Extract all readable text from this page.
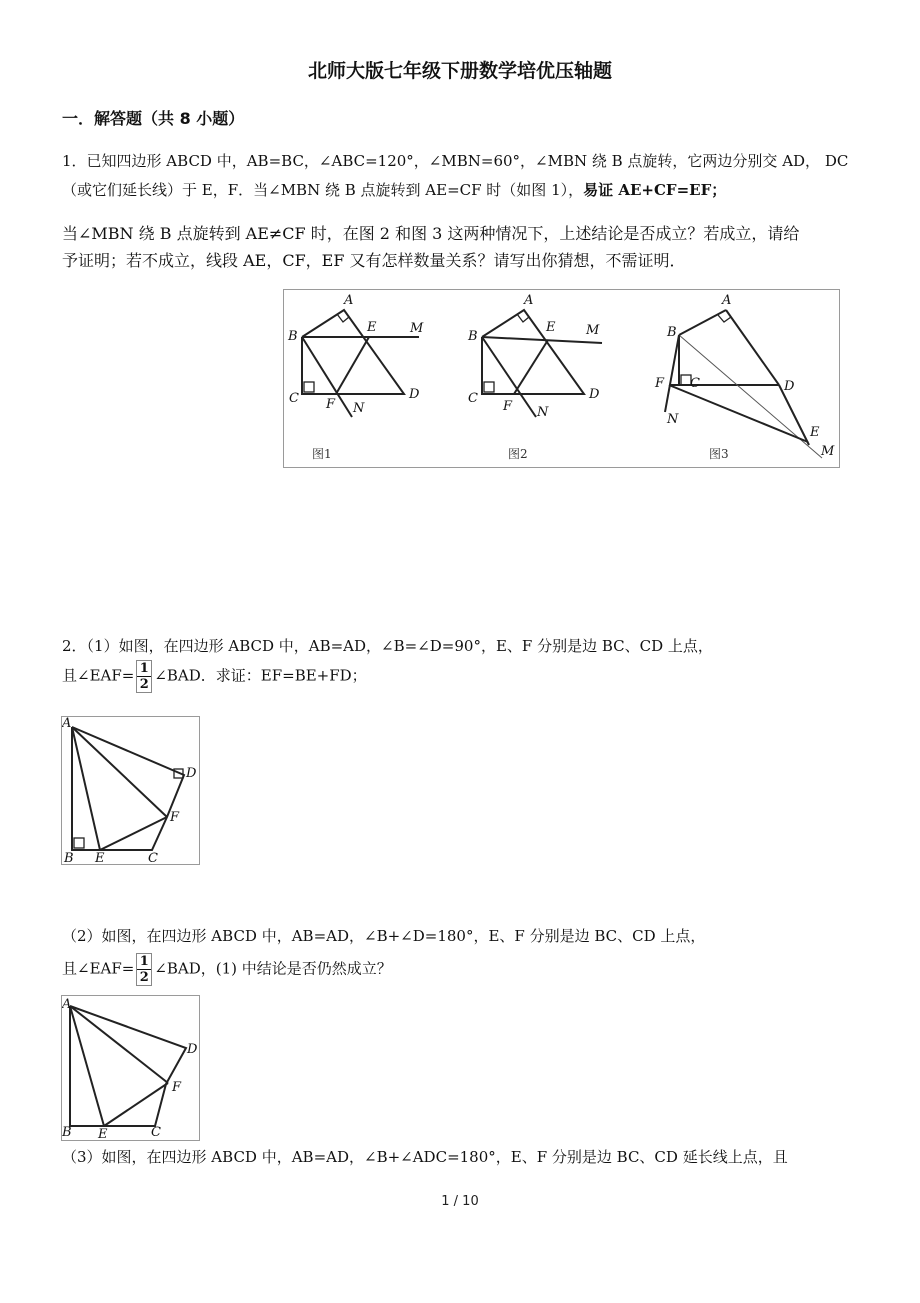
北师大版七年级下册数学培优压轴题
一．解答题（共 8 小题）
1．已知四边形 ABCD 中，AB=BC，∠ABC=120°，∠MBN=60°，∠MBN 绕 B 点旋转，它两边分别交 AD， DC
（或它们延长线）于 E，F．当∠MBN 绕 B 点旋转到 AE=CF 时（如图 1），易证 AE+CF=EF；
当∠MBN 绕 B 点旋转到 AE≠CF 时，在图 2 和图 3 这两种情况下，上述结论是否成立？若成立，请给
予证明；若不成立，线段 AE，CF，EF 又有怎样数量关系？请写出你猜想，不需证明．
A
B
E	M
C F N
D
图1
A
B
E M
C
F N
D
图2
A
B
C
F	D
N
E
M
图3
2．（1）如图，在四边形 ABCD 中，AB=AD，∠B=∠D=90°，E、F 分别是边 BC、CD 上点，
且∠EAF= $\frac{1}{2}$ ∠BAD．求证：EF=BE+FD；
A
D
F
B E	C
（2）如图，在四边形 ABCD 中，AB=AD，∠B+∠D=180°，E、F 分别是边 BC、CD 上点，
且∠EAF= $\frac{1}{2}$ ∠BAD，(1) 中结论是否仍然成立？
A
D
F
B E	C
（3）如图，在四边形 ABCD 中，AB=AD，∠B+∠ADC=180°，E、F 分别是边 BC、CD 延长线上点，且
1 / 10
